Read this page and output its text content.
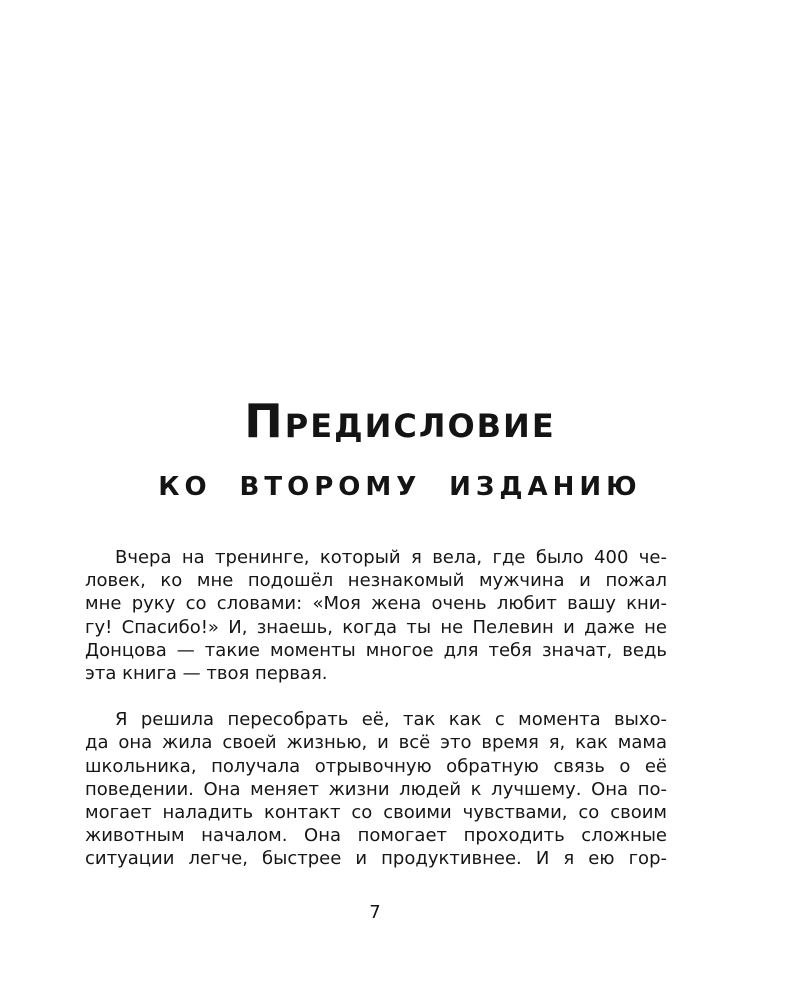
Предисловие
ко второму изданию
Вчера на тренинге, который я вела, где было 400 че-
ловек, ко мне подошёл незнакомый мужчина и пожал
мне руку со словами: «Моя жена очень любит вашу кни-
гу! Спасибо!» И, знаешь, когда ты не Пелевин и даже не
Донцова — такие моменты многое для тебя значат, ведь
эта книга — твоя первая.
Я решила пересобрать её, так как с момента выхо-
да она жила своей жизнью, и всё это время я, как мама
школьника, получала отрывочную обратную связь о её
поведении. Она меняет жизни людей к лучшему. Она по-
могает наладить контакт со своими чувствами, со своим
животным началом. Она помогает проходить сложные
ситуации легче, быстрее и продуктивнее. И я ею гор-
7
